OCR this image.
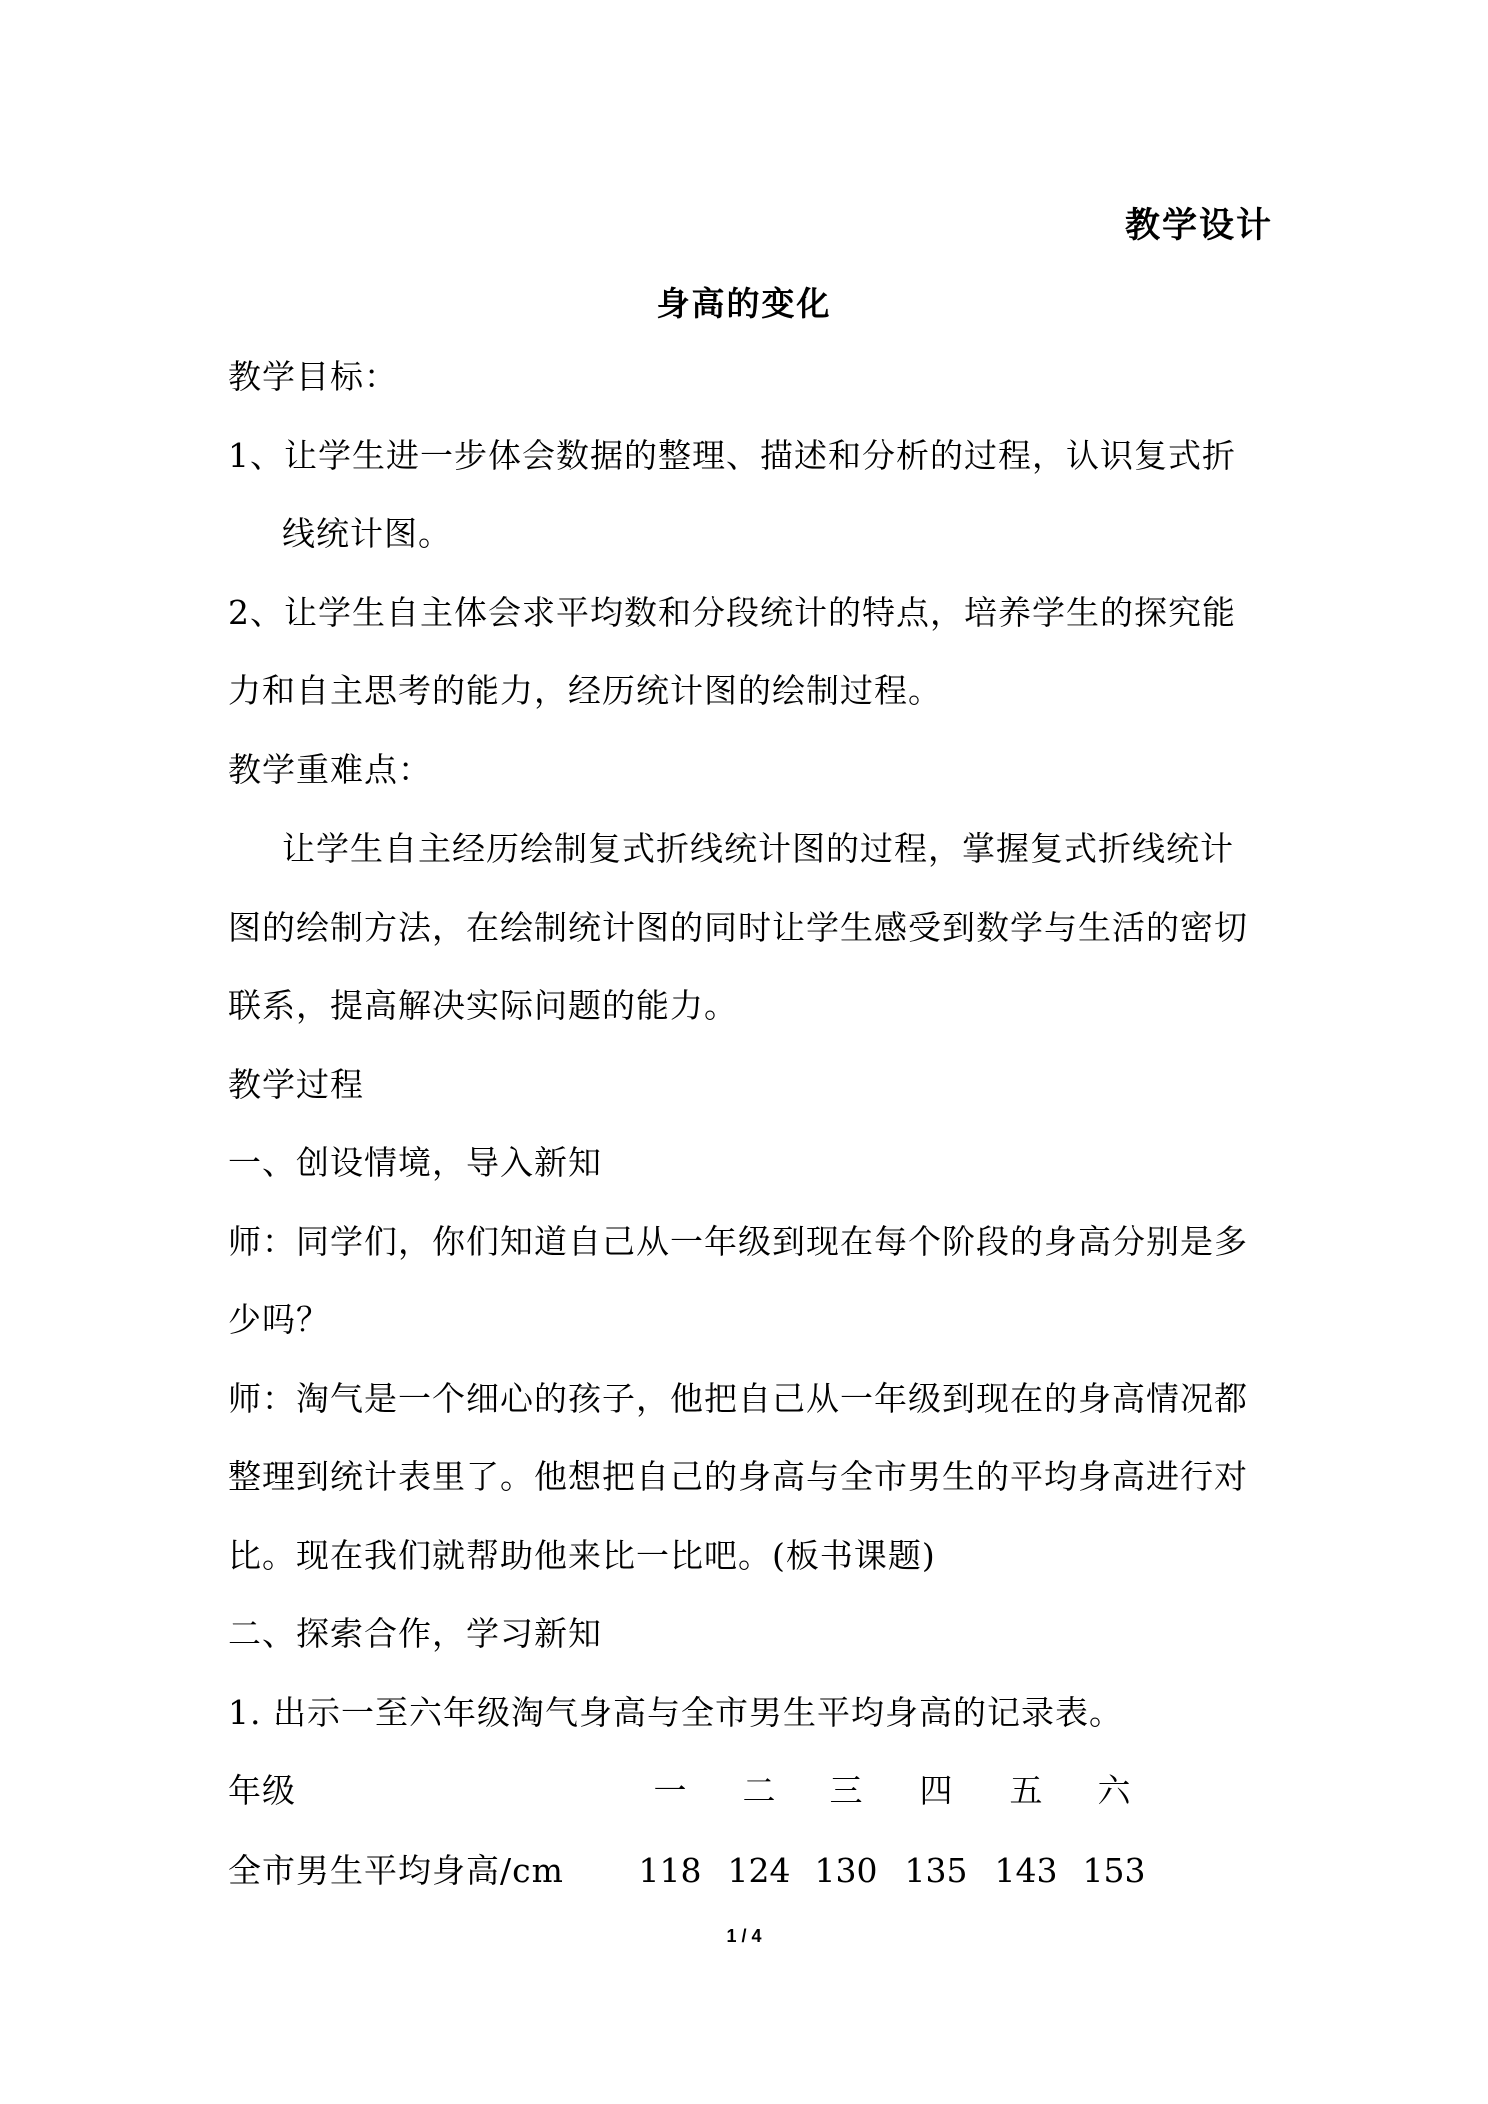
教学设计
身高的变化
教学目标：
1、让学生进一步体会数据的整理、描述和分析的过程，认识复式折
线统计图。
2、让学生自主体会求平均数和分段统计的特点，培养学生的探究能
力和自主思考的能力，经历统计图的绘制过程。
教学重难点：
让学生自主经历绘制复式折线统计图的过程，掌握复式折线统计
图的绘制方法，在绘制统计图的同时让学生感受到数学与生活的密切
联系，提高解决实际问题的能力。
教学过程
一、创设情境，导入新知
师：同学们，你们知道自己从一年级到现在每个阶段的身高分别是多
少吗？
师：淘气是一个细心的孩子，他把自己从一年级到现在的身高情况都
整理到统计表里了。他想把自己的身高与全市男生的平均身高进行对
比。现在我们就帮助他来比一比吧。(板书课题)
二、探索合作，学习新知
1. 出示一至六年级淘气身高与全市男生平均身高的记录表。
年级	一	二	三	四	五	六
全市男生平均身高/cm 118 124 130 135 143 153
1 / 4
